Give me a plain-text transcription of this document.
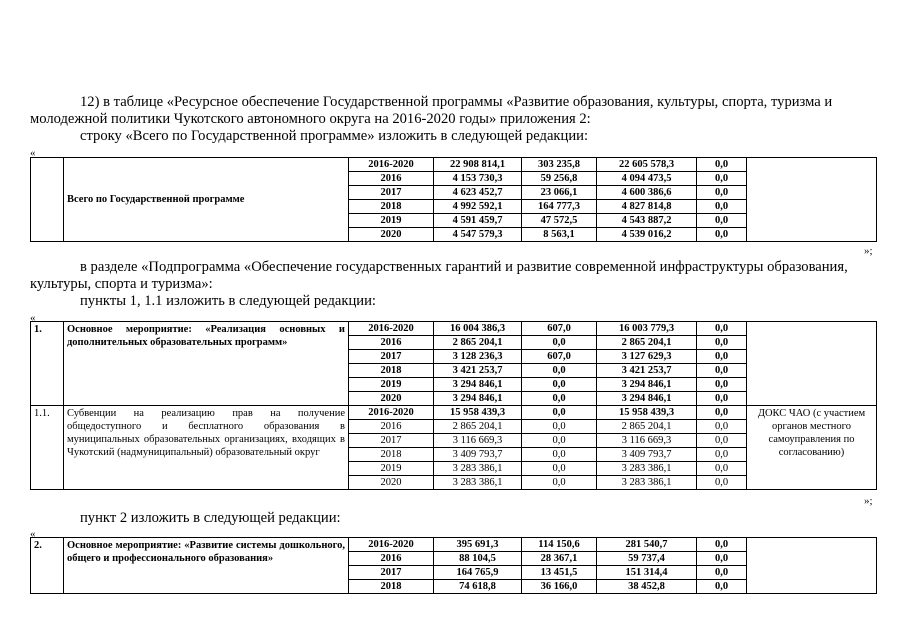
12) в таблице «Ресурсное обеспечение Государственной программы «Развитие образования, культуры, спорта, туризма и
молодежной политики Чукотского автономного округа на 2016-2020 годы» приложения 2:
строку «Всего по Государственной программе» изложить в следующей редакции:
«
	Всего по Государственной программе	2016-2020	22 908 814,1	303 235,8	22 605 578,3	0,0	
		2016	4 153 730,3	59 256,8	4 094 473,5	0,0	
		2017	4 623 452,7	23 066,1	4 600 386,6	0,0	
		2018	4 992 592,1	164 777,3	4 827 814,8	0,0	
		2019	4 591 459,7	47 572,5	4 543 887,2	0,0	
		2020	4 547 579,3	8 563,1	4 539 016,2	0,0	
»;
в разделе «Подпрограмма «Обеспечение государственных гарантий и развитие современной инфраструктуры образования,
культуры, спорта и туризма»:
пункты 1, 1.1 изложить в следующей редакции:
«
1.	Основное мероприятие: «Реализация основных и дополнительных образовательных программ»	2016-2020	16 004 386,3	607,0	16 003 779,3	0,0	
		2016	2 865 204,1	0,0	2 865 204,1	0,0	
		2017	3 128 236,3	607,0	3 127 629,3	0,0	
		2018	3 421 253,7	0,0	3 421 253,7	0,0	
		2019	3 294 846,1	0,0	3 294 846,1	0,0	
		2020	3 294 846,1	0,0	3 294 846,1	0,0	
1.1.	Субвенции на реализацию прав на получение общедоступного и бесплатного образования в муниципальных образовательных организациях, входящих в Чукотский (надмуниципальный) образовательный округ	2016-2020	15 958 439,3	0,0	15 958 439,3	0,0	ДОКС ЧАО (с участием органов местного самоуправления по согласованию)
		2016	2 865 204,1	0,0	2 865 204,1	0,0	
		2017	3 116 669,3	0,0	3 116 669,3	0,0	
		2018	3 409 793,7	0,0	3 409 793,7	0,0	
		2019	3 283 386,1	0,0	3 283 386,1	0,0	
		2020	3 283 386,1	0,0	3 283 386,1	0,0	
»;
пункт 2 изложить в следующей редакции:
«
2.	Основное мероприятие: «Развитие системы дошкольного, общего и профессионального образования»	2016-2020	395 691,3	114 150,6	281 540,7	0,0	
		2016	88 104,5	28 367,1	59 737,4	0,0	
		2017	164 765,9	13 451,5	151 314,4	0,0	
		2018	74 618,8	36 166,0	38 452,8	0,0	
